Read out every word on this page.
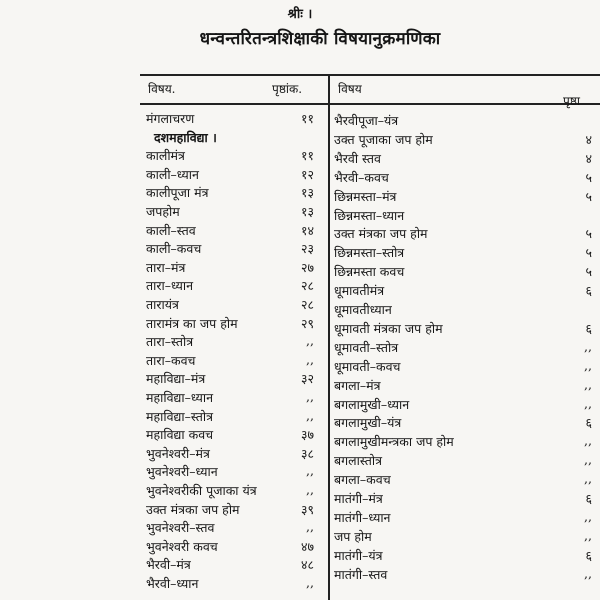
श्रीः ।
धन्वन्तरितन्त्रशिक्षाकी विषयानुक्रमणिका
विषय.	पृष्ठांक.	विषय
पृष्ठा
मंगलाचरण	११
दशमहाविद्या ।
कालीमंत्र	११
काली–ध्यान	१२
कालीपूजा मंत्र	१३
जपहोम	१३
काली–स्तव	१४
काली–कवच	२३
तारा–मंत्र	२७
तारा–ध्यान	२८
तारायंत्र	२८
तारामंत्र का जप होम	२९
तारा–स्तोत्र	,,
तारा–कवच	,,
महाविद्या–मंत्र	३२
महाविद्या–ध्यान	,,
महाविद्या–स्तोत्र	,,
महाविद्या कवच	३७
भुवनेश्वरी–मंत्र	३८
भुवनेश्वरी–ध्यान	,,
भुवनेश्वरीकी पूजाका यंत्र	,,
उक्त मंत्रका जप होम	३९
भुवनेश्वरी–स्तव	,,
भुवनेश्वरी कवच	४७
भैरवी–मंत्र	४८
भैरवी–ध्यान	,,
भैरवीपूजा–यंत्र
उक्त पूजाका जप होम	४
भैरवी स्तव	४
भैरवी–कवच	५
छिन्नमस्ता–मंत्र	५
छिन्नमस्ता–ध्यान
उक्त मंत्रका जप होम	५
छिन्नमस्ता–स्तोत्र	५
छिन्नमस्ता कवच	५
धूमावतीमंत्र	६
धूमावतीध्यान
धूमावती मंत्रका जप होम	६
धूमावती–स्तोत्र	,,
धूमावती–कवच	,,
बगला–मंत्र	,,
बगलामुखी–ध्यान	,,
बगलामुखी–यंत्र	६
बगलामुखीमन्त्रका जप होम	,,
बगलास्तोत्र	,,
बगला–कवच	,,
मातंगी–मंत्र	६
मातंगी–ध्यान	,,
जप होम	,,
मातंगी–यंत्र	६
मातंगी–स्तव	,,
